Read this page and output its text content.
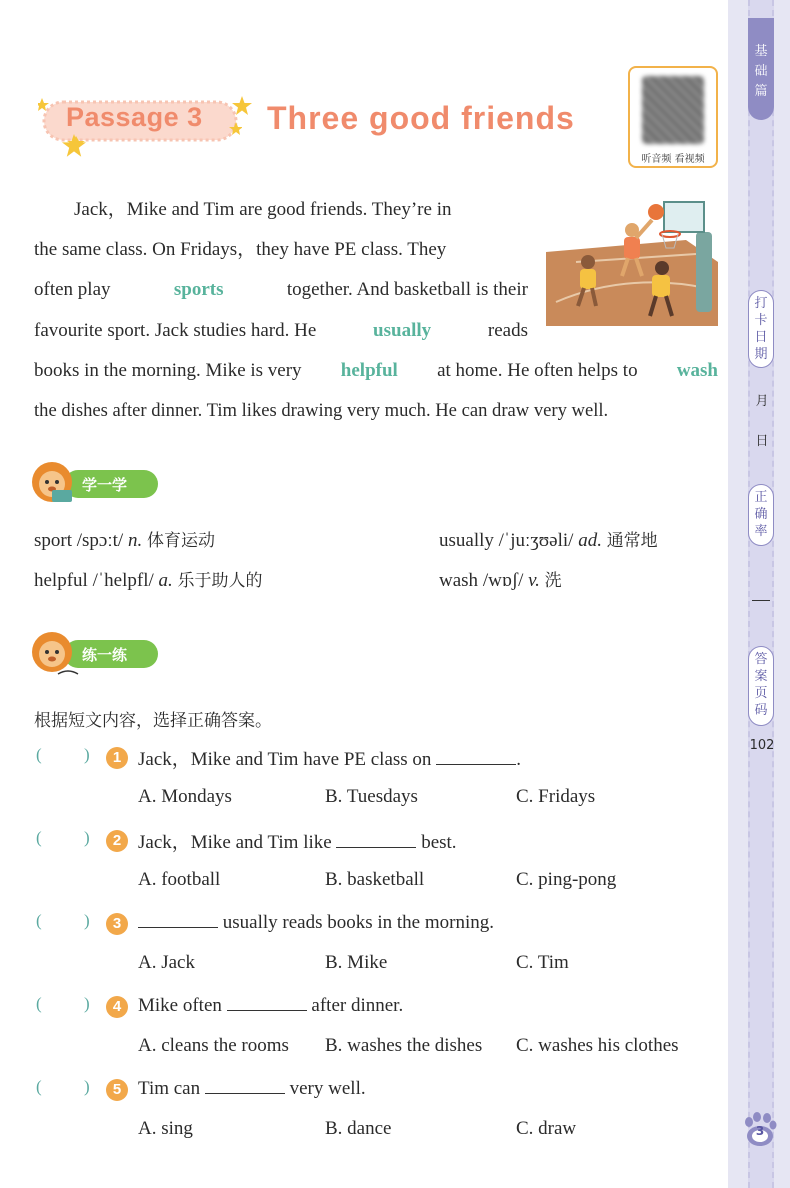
基
础
篇
打
卡
日
期
月
日
正
确
率
答
案
页
码
102
3
Passage 3 Three good friends
听音频 看视频
Jack，Mike and Tim are good friends. They’re in
the same class. On Fridays，they have PE class. They
often play	sports	together. And basketball is their
favourite sport. Jack studies hard. He	usually	reads
books in the morning. Mike is very helpful at home. He often helps to wash
the dishes after dinner. Tim likes drawing very much. He can draw very well.
学一学
sport /spɔːt/ n. 体育运动	usually /ˈjuːʒʊəli/ ad. 通常地
helpful /ˈhelpfl/ a. 乐于助人的	wash /wɒʃ/ v. 洗
练一练
根据短文内容，选择正确答案。
( )	1 Jack，Mike and Tim have PE class on	.
A. Mondays	B. Tuesdays	C. Fridays
( )	2 Jack，Mike and Tim like	best.
A. football	B. basketball	C. ping-pong
( )	3	usually reads books in the morning.
A. Jack	B. Mike	C. Tim
( )	4 Mike often	after dinner.
A. cleans the rooms B. washes the dishes C. washes his clothes
( )	5 Tim can	very well.
A. sing	B. dance	C. draw
